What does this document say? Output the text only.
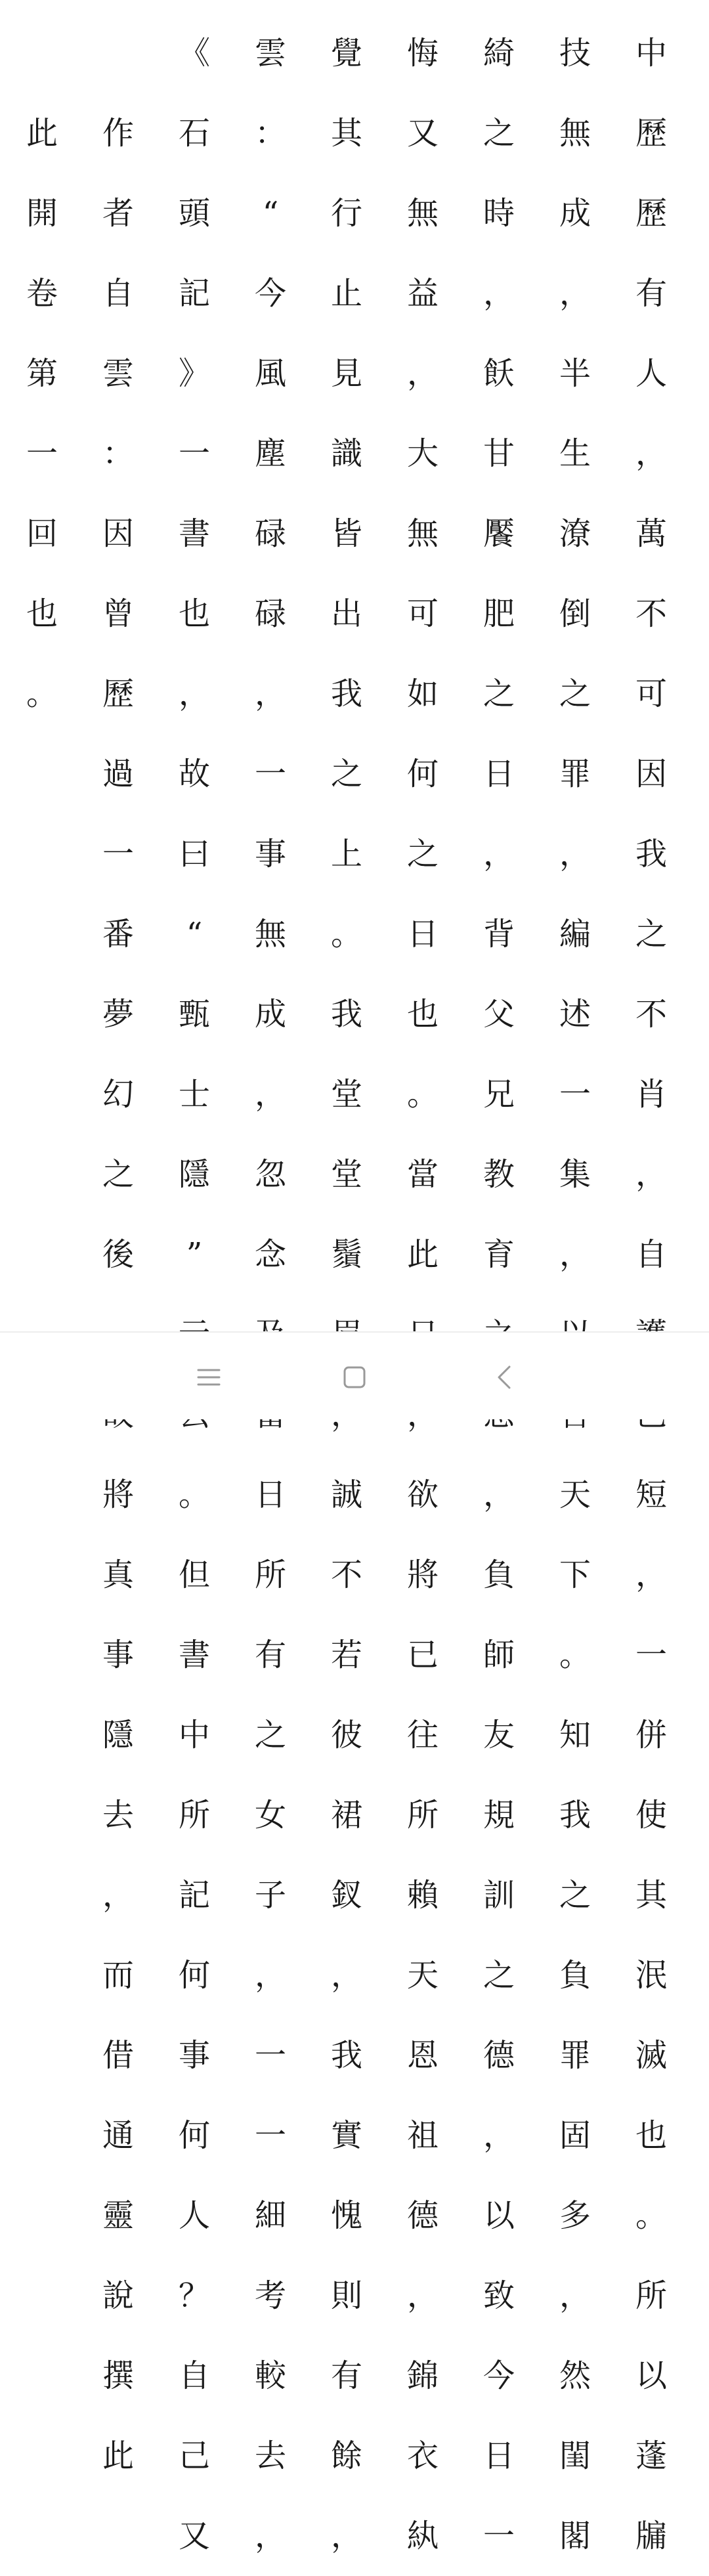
中
歷
歷
有
人
，
萬
不
可
因
我
之
不
肖
，
自
短
，
一
併
使
其
泯
滅
也
。
所
以
蓬
牖
技
無
成
，
半
生
潦
倒
之
罪
，
編
述
一
集
，
天
下
。
知
我
之
負
罪
固
多
，
然
閨
閣
綺
之
時
，
飫
甘
饜
肥
之
日
，
背
父
兄
教
育
，
負
師
友
規
訓
之
德
，
以
致
今
日
一
悔
又
無
益
，
大
無
可
如
何
之
日
也
。
當
此
欲
將
已
往
所
賴
天
恩
祖
德
，
錦
衣
紈
覺
其
行
止
見
識
皆
出
我
之
上
。
我
堂
堂
鬚
誠
不
若
彼
裙
釵
，
我
實
愧
則
有
餘
，
雲
：
“
今
風
塵
碌
碌
，
一
事
無
成
，
忽
念
日
所
有
之
女
子
，
一
一
細
考
較
去
，
《
石
頭
記
》
一
書
也
，
故
曰
“
甄
士
隱
”
。
但
書
中
所
記
何
事
何
人
？
自
己
又
作
者
自
雲
：
因
曾
歷
過
一
番
夢
幻
之
後
將
真
事
隱
去
，
而
借
通
靈
說
撰
此
此
開
卷
第
一
回
也
。
